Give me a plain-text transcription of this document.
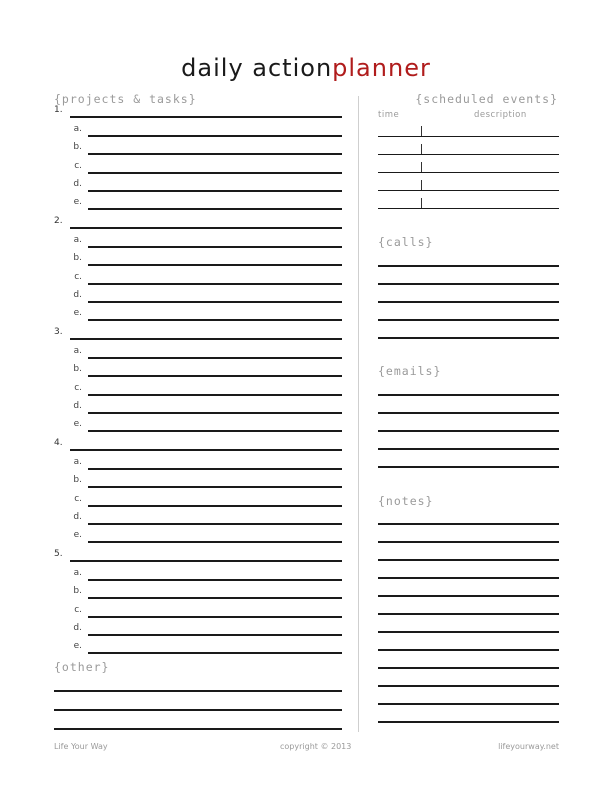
daily actionplanner
{projects & tasks}
{other}
{scheduled events}
time	description
{calls}
{emails}
{notes}
1.
a.
b.
c.
d.
e.
2.
a.
b.
c.
d.
e.
3.
a.
b.
c.
d.
e.
4.
a.
b.
c.
d.
e.
5.
a.
b.
c.
d.
e.
Life Your Way	copyright © 2013	lifeyourway.net
